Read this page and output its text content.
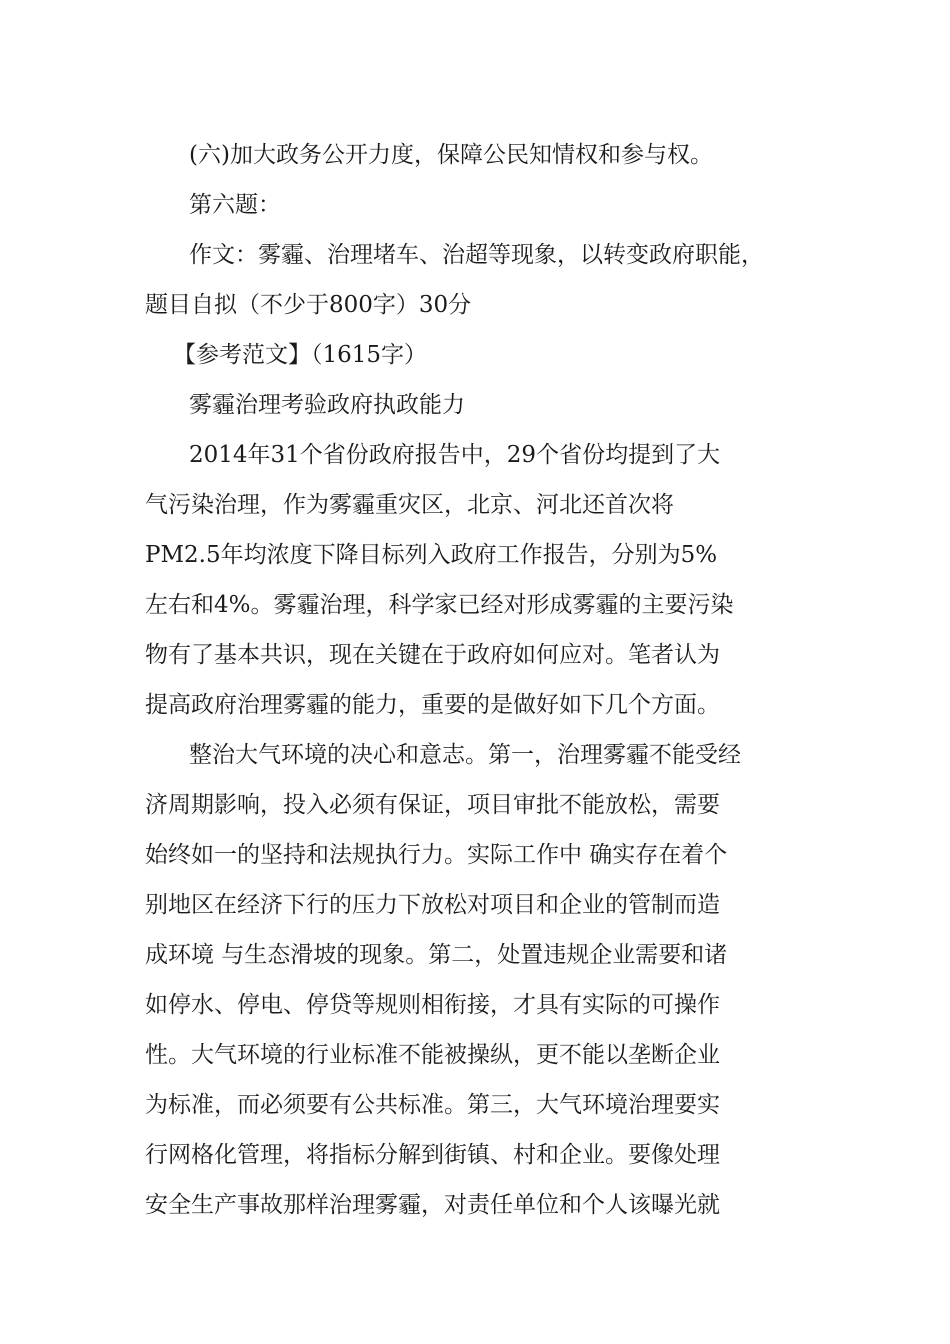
(六)加大政务公开力度，保障公民知情权和参与权。
第六题：
作文：雾霾、治理堵车、治超等现象，以转变政府职能，
题目自拟（不少于800字）30分
【参考范文】（1615字）
雾霾治理考验政府执政能力
2014年31个省份政府报告中，29个省份均提到了大
气污染治理，作为雾霾重灾区，北京、河北还首次将
PM2.5年均浓度下降目标列入政府工作报告，分别为5%
左右和4%。雾霾治理，科学家已经对形成雾霾的主要污染
物有了基本共识，现在关键在于政府如何应对。笔者认为
提高政府治理雾霾的能力，重要的是做好如下几个方面。
整治大气环境的决心和意志。第一，治理雾霾不能受经
济周期影响，投入必须有保证，项目审批不能放松，需要
始终如一的坚持和法规执行力。实际工作中 确实存在着个
别地区在经济下行的压力下放松对项目和企业的管制而造
成环境 与生态滑坡的现象。第二，处置违规企业需要和诸
如停水、停电、停贷等规则相衔接，才具有实际的可操作
性。大气环境的行业标准不能被操纵，更不能以垄断企业
为标准，而必须要有公共标准。第三，大气环境治理要实
行网格化管理，将指标分解到街镇、村和企业。要像处理
安全生产事故那样治理雾霾，对责任单位和个人该曝光就
